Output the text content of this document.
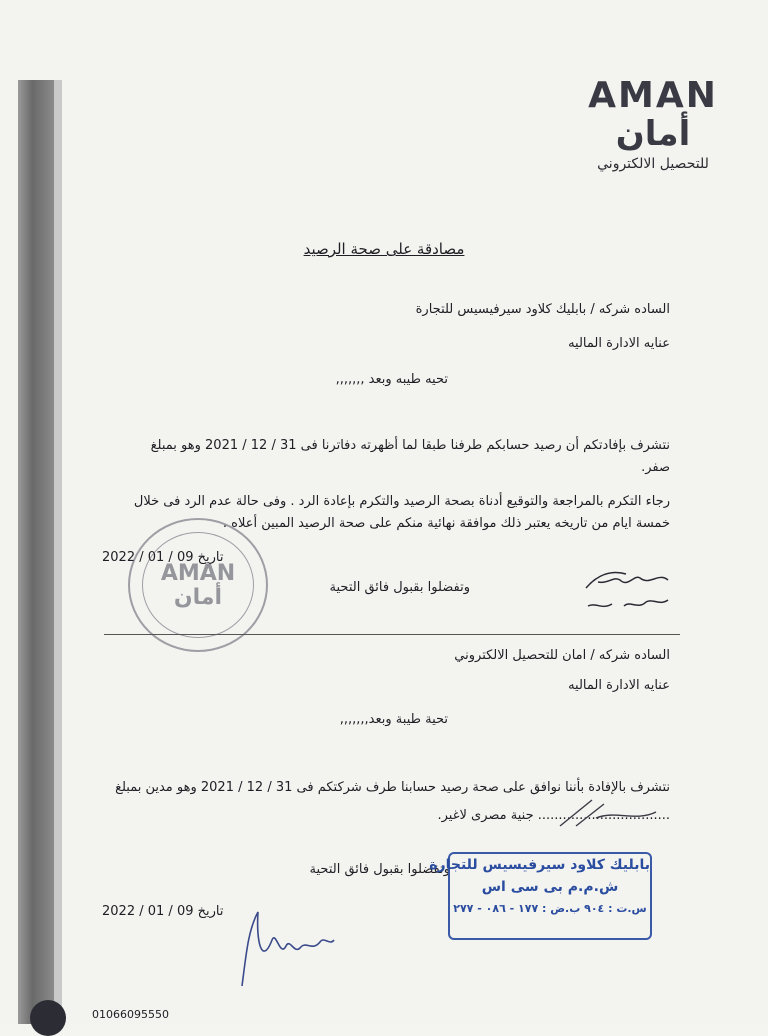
AMAN
أمان
للتحصيل الالكتروني
مصادقة على صحة الرصيد
الساده شركه / بابليك كلاود سيرفيسيس للتجارة
عنايه الادارة الماليه
تحيه طيبه وبعد ,,,,,,,
نتشرف بإفادتكم أن رصيد حسابكم طرفنا طبقا لما أظهرته دفاترنا فى 31 / 12 / 2021 وهو بمبلغ
صفر.
رجاء التكرم بالمراجعة والتوقيع أدناة بصحة الرصيد والتكرم بإعادة الرد . وفى حالة عدم الرد فى خلال
خمسة ايام من تاريخه يعتبر ذلك موافقة نهائية منكم على صحة الرصيد المبين أعلاه .
تاريخ 09 / 01 / 2022
وتفضلوا بقبول فائق التحية
AMAN
أمان
الساده شركه / امان للتحصيل الالكتروني
عنايه الادارة الماليه
تحية طيبة وبعد,,,,,,,
نتشرف بالإفادة بأننا نوافق على صحة رصيد حسابنا طرف شركتكم فى 31 / 12 / 2021 وهو مدين بمبلغ
................................ جنية مصرى لاغير.
وتفضلوا بقبول فائق التحية
تاريخ 09 / 01 / 2022
بابليك كلاود سيرفيسيس للتجارة
ش.م.م بى سى اس
س.ت : ٩٠٤ ب.ض : ١٧٧ - ٠٨٦ - ٢٧٧
01066095550
